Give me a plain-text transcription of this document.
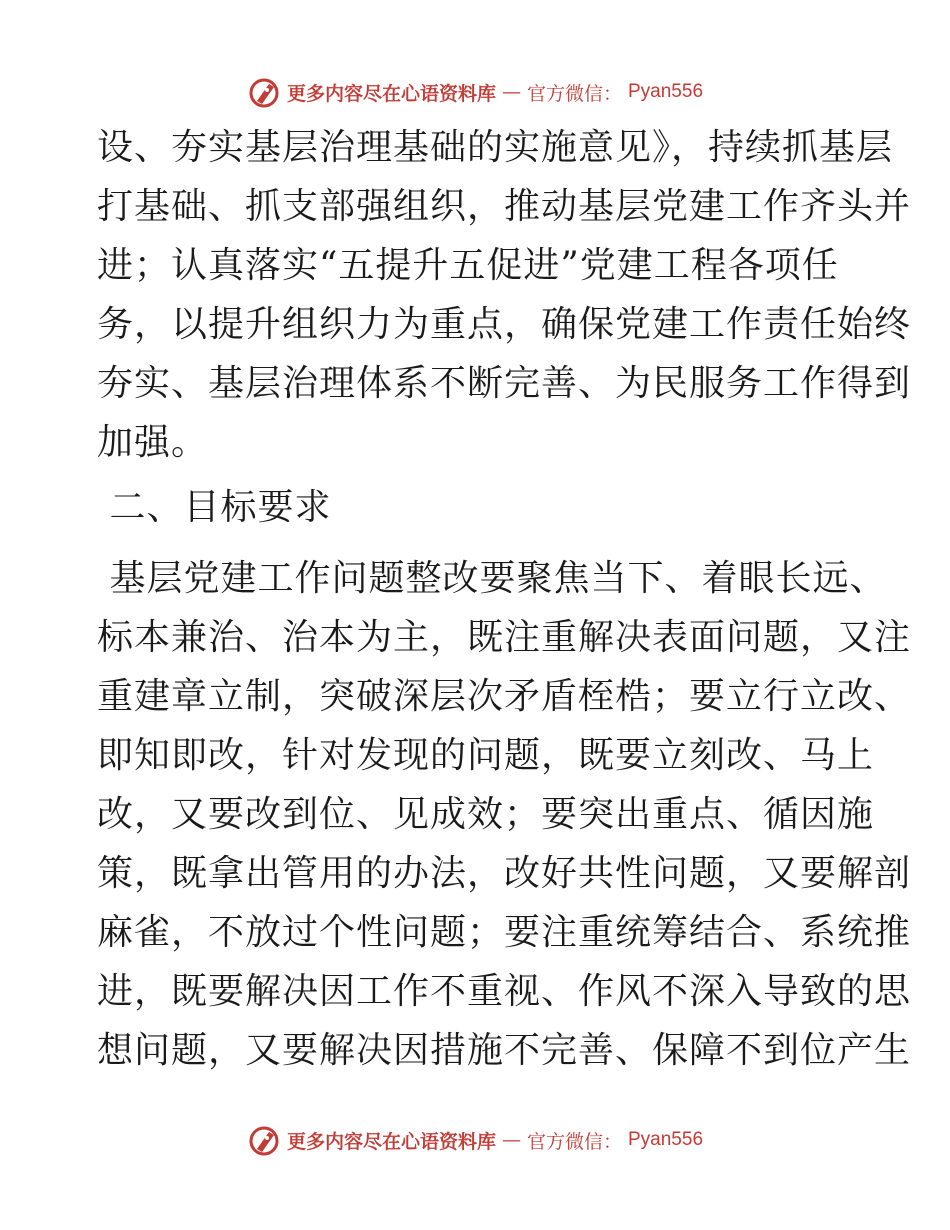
更多内容尽在心语资料库 — 官方微信： Pyan556
设、夯实基层治理基础的实施意见》，持续抓基层
打基础、抓支部强组织，推动基层党建工作齐头并
进；认真落实“五提升五促进”党建工程各项任
务，以提升组织力为重点，确保党建工作责任始终
夯实、基层治理体系不断完善、为民服务工作得到
加强。
二、目标要求
基层党建工作问题整改要聚焦当下、着眼长远、
标本兼治、治本为主，既注重解决表面问题，又注
重建章立制，突破深层次矛盾桎梏；要立行立改、
即知即改，针对发现的问题，既要立刻改、马上
改，又要改到位、见成效；要突出重点、循因施
策，既拿出管用的办法，改好共性问题，又要解剖
麻雀，不放过个性问题；要注重统筹结合、系统推
进，既要解决因工作不重视、作风不深入导致的思
想问题，又要解决因措施不完善、保障不到位产生
更多内容尽在心语资料库 — 官方微信： Pyan556
